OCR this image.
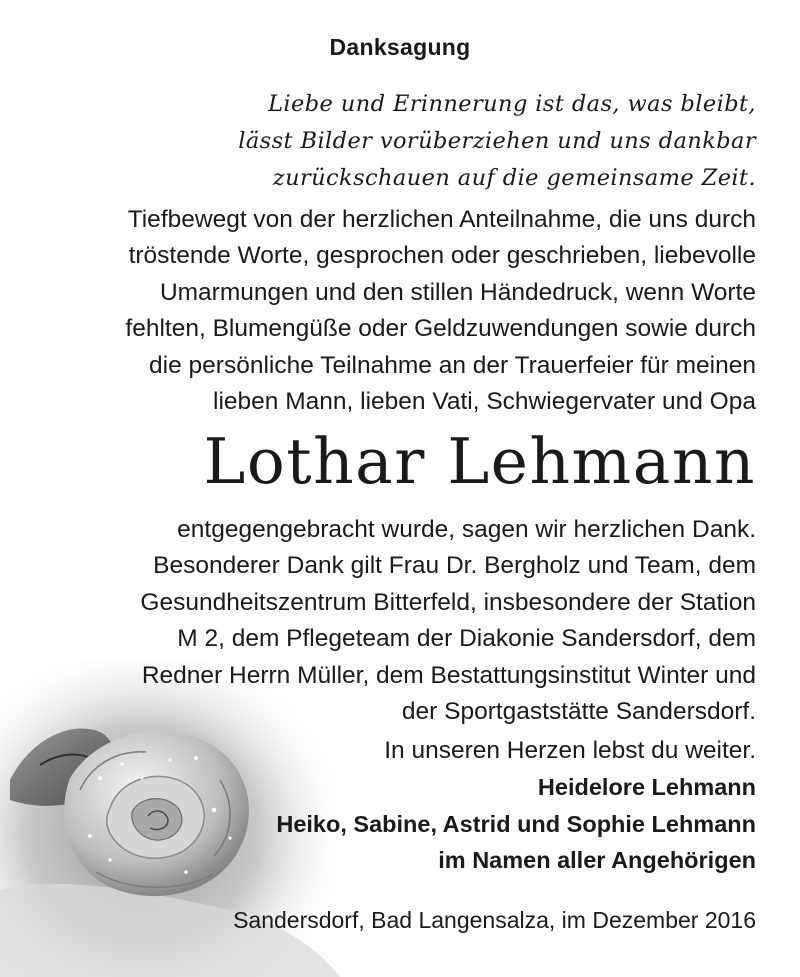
Danksagung
Liebe und Erinnerung ist das, was bleibt,
lässt Bilder vorüberziehen und uns dankbar
zurückschauen auf die gemeinsame Zeit.
Tiefbewegt von der herzlichen Anteilnahme, die uns durch
tröstende Worte, gesprochen oder geschrieben, liebevolle
Umarmungen und den stillen Händedruck, wenn Worte
fehlten, Blumengüße oder Geldzuwendungen sowie durch
die persönliche Teilnahme an der Trauerfeier für meinen
lieben Mann, lieben Vati, Schwiegervater und Opa
Lothar Lehmann
entgegengebracht wurde, sagen wir herzlichen Dank.
Besonderer Dank gilt Frau Dr. Bergholz und Team, dem
Gesundheitszentrum Bitterfeld, insbesondere der Station
M 2, dem Pflegeteam der Diakonie Sandersdorf, dem
Redner Herrn Müller, dem Bestattungsinstitut Winter und
der Sportgaststätte Sandersdorf.
In unseren Herzen lebst du weiter.
Heidelore Lehmann
Heiko, Sabine, Astrid und Sophie Lehmann
im Namen aller Angehörigen
Sandersdorf, Bad Langensalza, im Dezember 2016
